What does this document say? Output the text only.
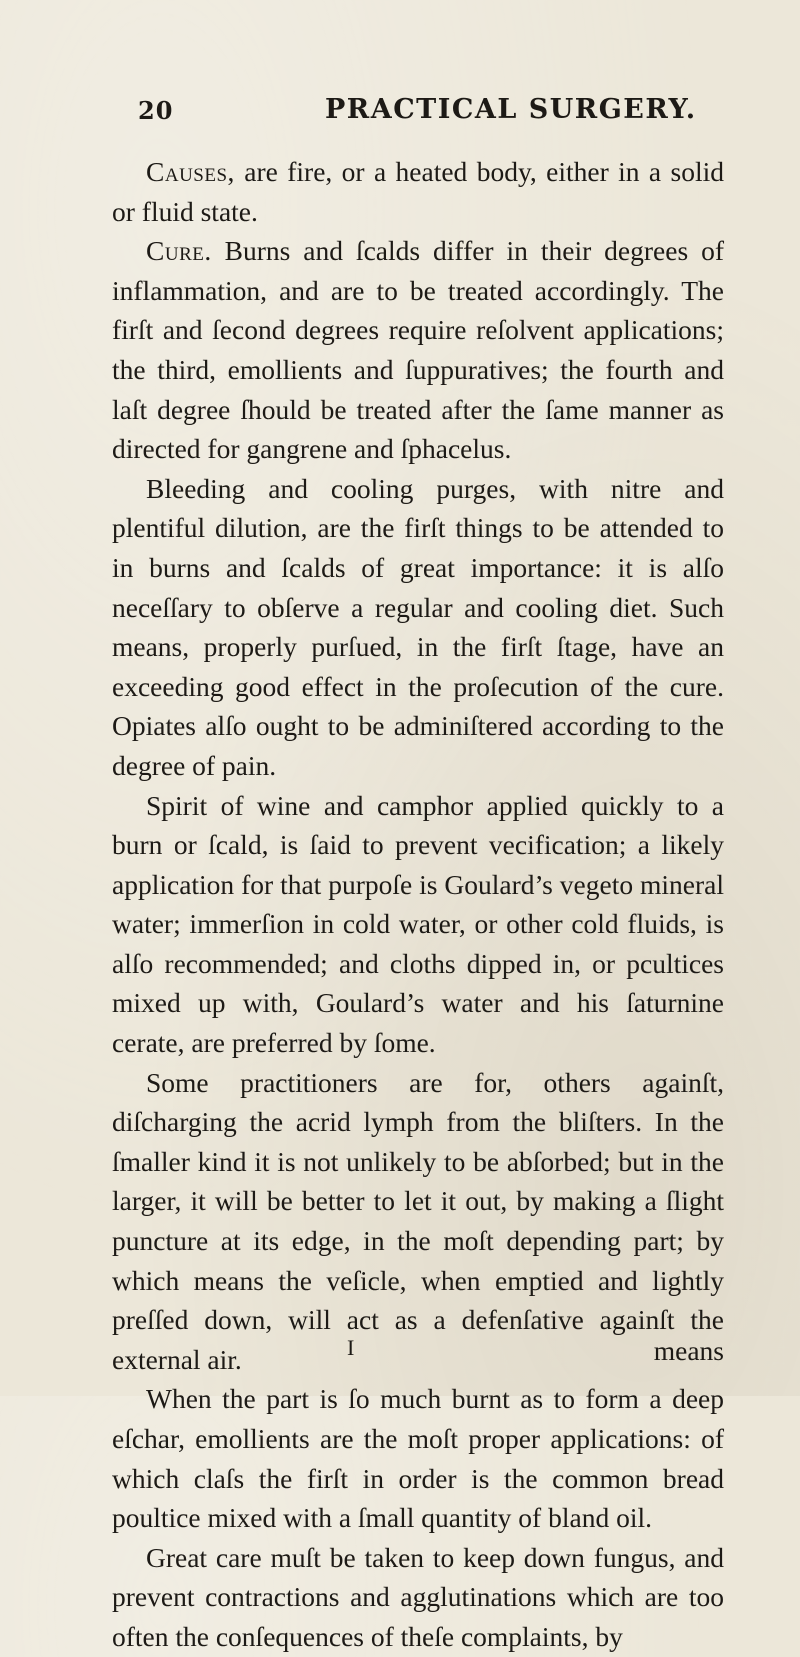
20	PRACTICAL SURGERY.

Causes, are fire, or a heated body, either in a solid or fluid state.

Cure. Burns and ſcalds differ in their degrees of inflammation, and are to be treated accordingly. The firſt and ſecond degrees require reſolvent applications; the third, emollients and ſuppuratives; the fourth and laſt degree ſhould be treated after the ſame manner as directed for gangrene and ſphacelus.

Bleeding and cooling purges, with nitre and plentiful dilution, are the firſt things to be attended to in burns and ſcalds of great importance: it is alſo neceſſary to obſerve a regular and cooling diet. Such means, properly purſued, in the firſt ſtage, have an exceeding good effect in the proſecution of the cure. Opiates alſo ought to be adminiſtered according to the degree of pain.

Spirit of wine and camphor applied quickly to a burn or ſcald, is ſaid to prevent vecification; a likely application for that purpoſe is Goulard’s vegeto mineral water; immerſion in cold water, or other cold fluids, is alſo recommended; and cloths dipped in, or pcultices mixed up with, Goulard’s water and his ſaturnine cerate, are preferred by ſome.

Some practitioners are for, others againſt, diſcharging the acrid lymph from the bliſters. In the ſmaller kind it is not unlikely to be abſorbed; but in the larger, it will be better to let it out, by making a ſlight puncture at its edge, in the moſt depending part; by which means the veſicle, when emptied and lightly preſſed down, will act as a defenſative againſt the external air.

When the part is ſo much burnt as to form a deep eſchar, emollients are the moſt proper applications: of which claſs the firſt in order is the common bread poultice mixed with a ſmall quantity of bland oil.

Great care muſt be taken to keep down fungus, and prevent contractions and agglutinations which are too often the conſequences of theſe complaints, by

I	means
